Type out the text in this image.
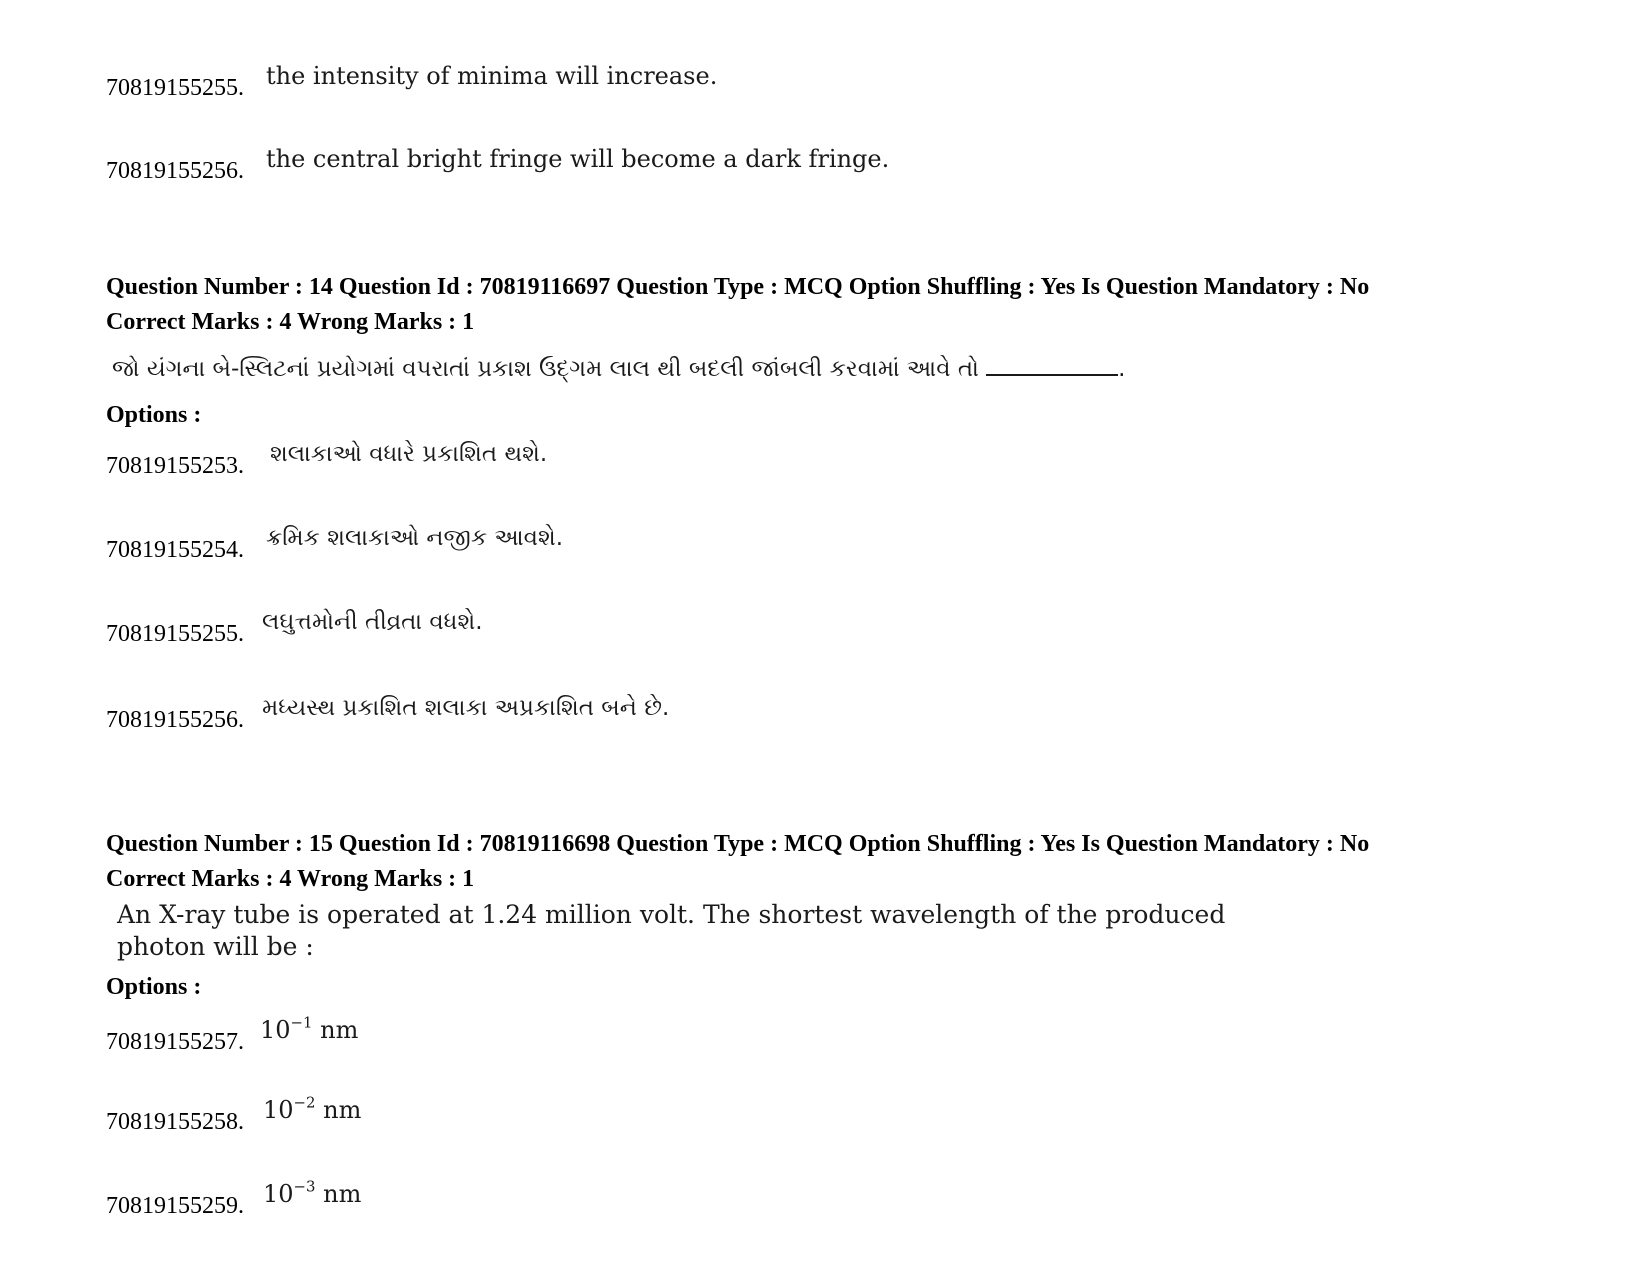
70819155255. the intensity of minima will increase.
70819155256. the central bright fringe will become a dark fringe.
Question Number : 14 Question Id : 70819116697 Question Type : MCQ Option Shuffling : Yes Is Question Mandatory : No
Correct Marks : 4 Wrong Marks : 1
જો યંગના બે-સ્લિટનાં પ્રયોગમાં વપરાતાં પ્રકાશ ઉદ્‌ગમ લાલ થી બદલી જાંબલી કરવામાં આવે તો	.
Options :
70819155253. શલાકાઓ વધારે પ્રકાશિત થશે.
70819155254. ક્રમિક શલાકાઓ નજીક આવશે.
70819155255. લઘુત્તમોની તીવ્રતા વધશે.
70819155256. મધ્યસ્થ પ્રકાશિત શલાકા અપ્રકાશિત બને છે.
Question Number : 15 Question Id : 70819116698 Question Type : MCQ Option Shuffling : Yes Is Question Mandatory : No
Correct Marks : 4 Wrong Marks : 1
An X-ray tube is operated at 1.24 million volt. The shortest wavelength of the produced
photon will be :
Options :
70819155257. $10^{-1}$ nm
70819155258. $10^{-2}$ nm
70819155259. $10^{-3}$ nm
